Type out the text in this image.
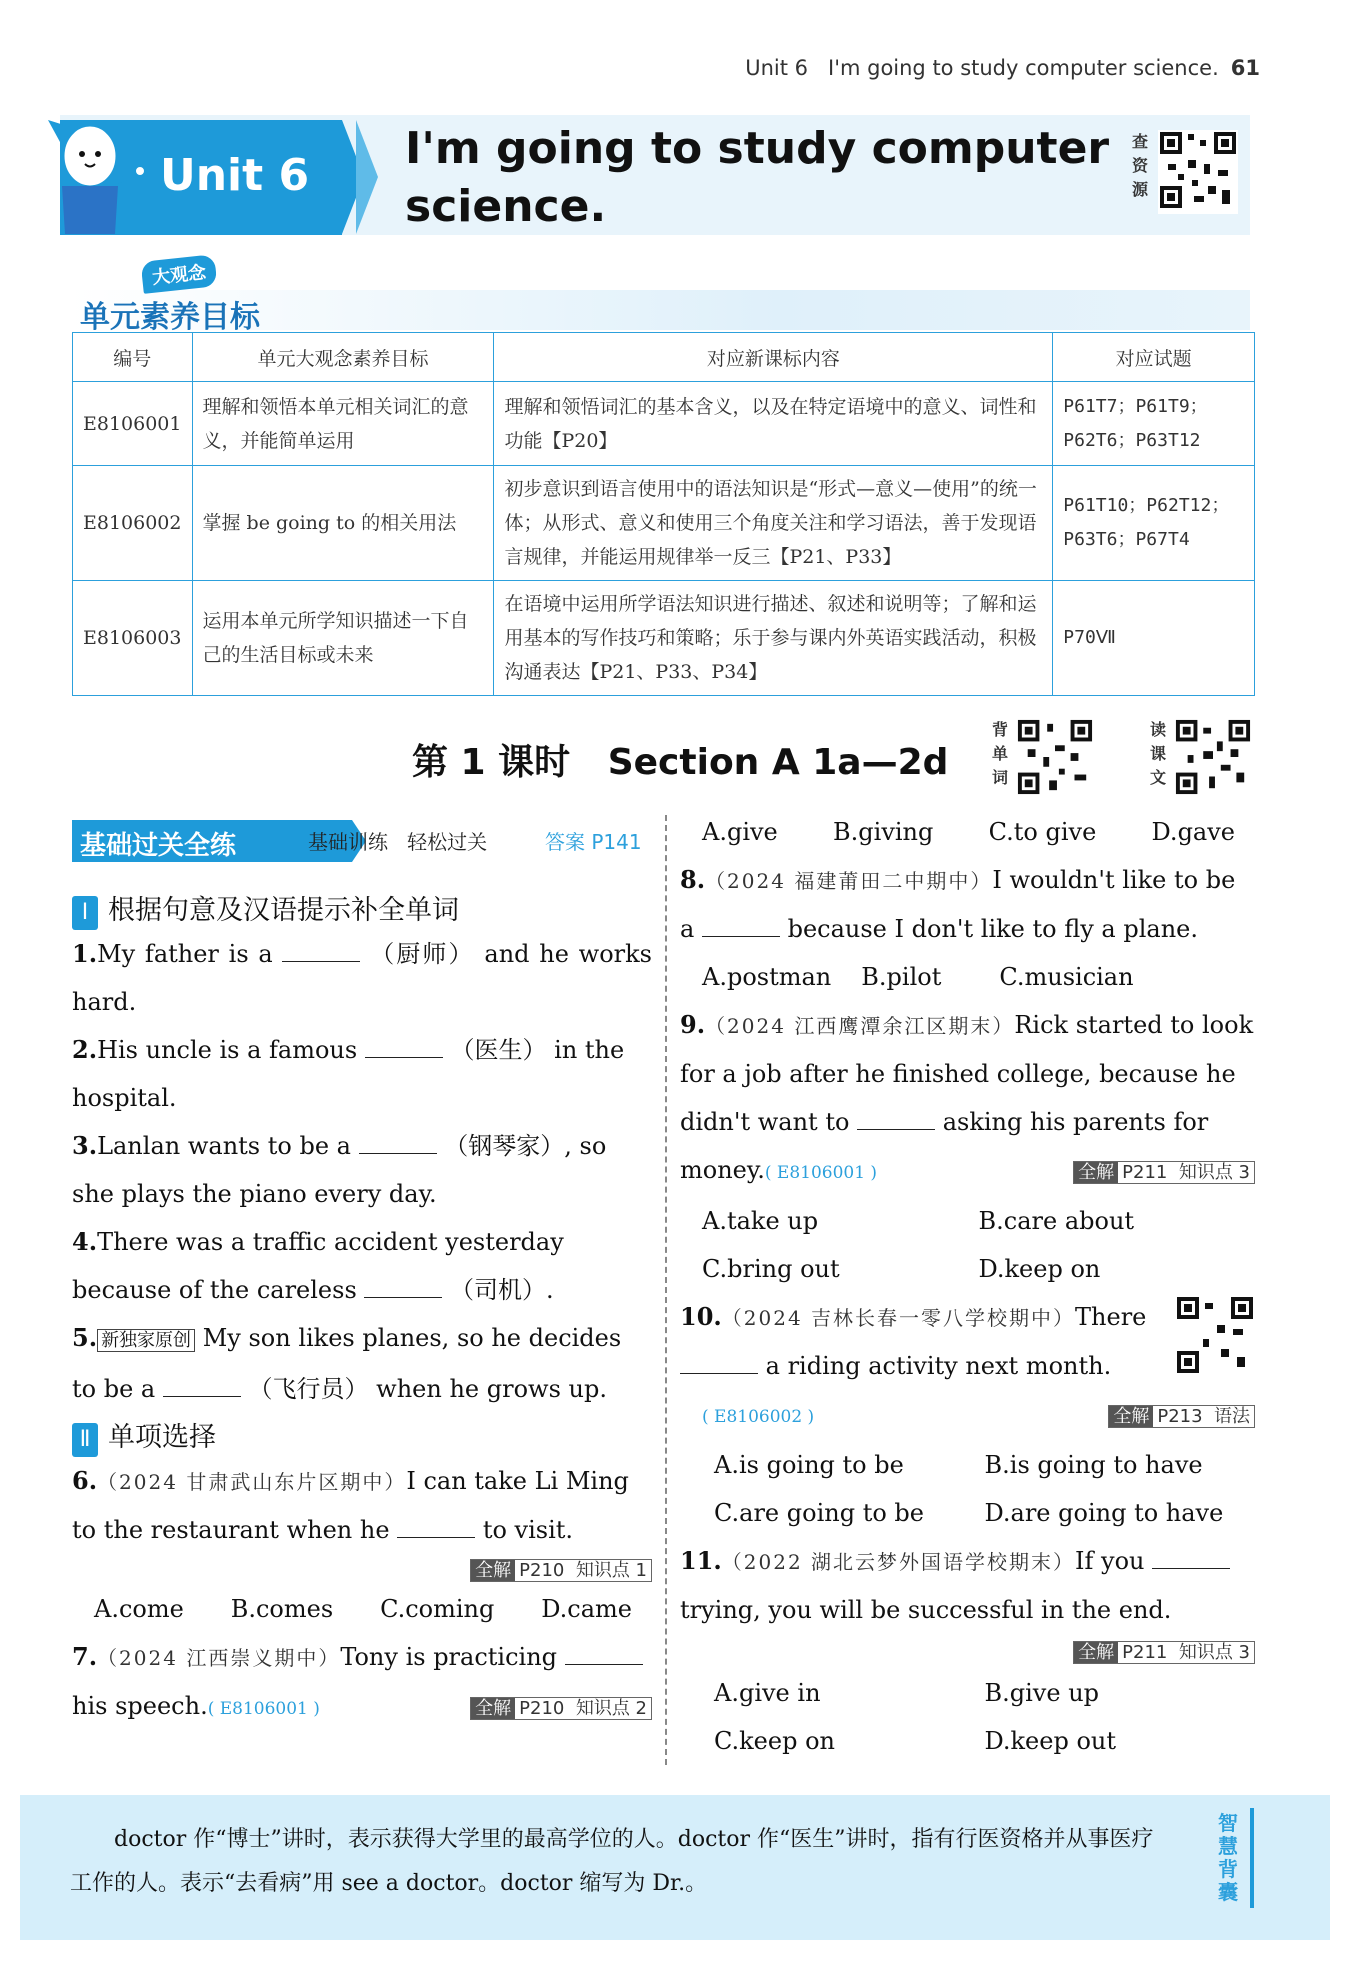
Unit 6   I'm going to study computer science. 61
Unit 6
I'm going to study computer
science.
查
资
源
大观念
单元素养目标
编号	单元大观念素养目标	对应新课标内容	对应试题
E8106001	理解和领悟本单元相关词汇的意义，并能简单运用	理解和领悟词汇的基本含义，以及在特定语境中的意义、词性和功能【P20】	P61T7；P61T9；P62T6；P63T12
E8106002	掌握 be going to 的相关用法	初步意识到语言使用中的语法知识是“形式—意义—使用”的统一体；从形式、意义和使用三个角度关注和学习语法，善于发现语言规律，并能运用规律举一反三【P21、P33】	P61T10；P62T12；P63T6；P67T4
E8106003	运用本单元所学知识描述一下自己的生活目标或未来	在语境中运用所学语法知识进行描述、叙述和说明等；了解和运用基本的写作技巧和策略；乐于参与课内外英语实践活动，积极沟通表达【P21、P33、P34】	P70Ⅶ
第 1 课时   Section A 1a—2d
背
单
词
读
课
文
基础过关全练	基础训练   轻松过关	答案 P141
Ⅰ 根据句意及汉语提示补全单词
1.My father is a	（厨师） and he works hard.
2.His uncle is a famous	（医生） in the hospital.
3.Lanlan wants to be a	（钢琴家）, so she plays the piano every day.
4.There was a traffic accident yesterday because of the careless	（司机）.
5. 新独家原创 My son likes planes, so he decides to be a	（飞行员） when he grows up.
Ⅱ 单项选择
6.（2024 甘肃武山东片区期中）I can take Li Ming to the restaurant when he	to visit.
全解 P210  知识点 1
A.come B.comes C.coming D.came
7.（2024 江西崇义期中）Tony is practicing  his speech.( E8106001 )	全解 P210  知识点 2
A.give B.giving C.to give D.gave
8.（2024 福建莆田二中期中）I wouldn't like to be a	because I don't like to fly a plane.
A.postman B.pilot C.musician
9.（2024 江西鹰潭余江区期末）Rick started to look for a job after he finished college, because he didn't want to	asking his parents for money.( E8106001 )	全解 P211  知识点 3
A.take up	B.care about
C.bring out	D.keep on
10.（2024 吉林长春一零八学校期中）There  a riding activity next month.
( E8106002 )	全解 P213  语法
A.is going to be	B.is going to have
C.are going to be	D.are going to have
11.（2022 湖北云梦外国语学校期末）If you  trying, you will be successful in the end.
全解 P211  知识点 3
A.give in	B.give up
C.keep on	D.keep out
doctor 作“博士”讲时，表示获得大学里的最高学位的人。doctor 作“医生”讲时，指有行医资格并从事医疗工作的人。表示“去看病”用 see a doctor。doctor 缩写为 Dr.。
智
慧
背
囊
